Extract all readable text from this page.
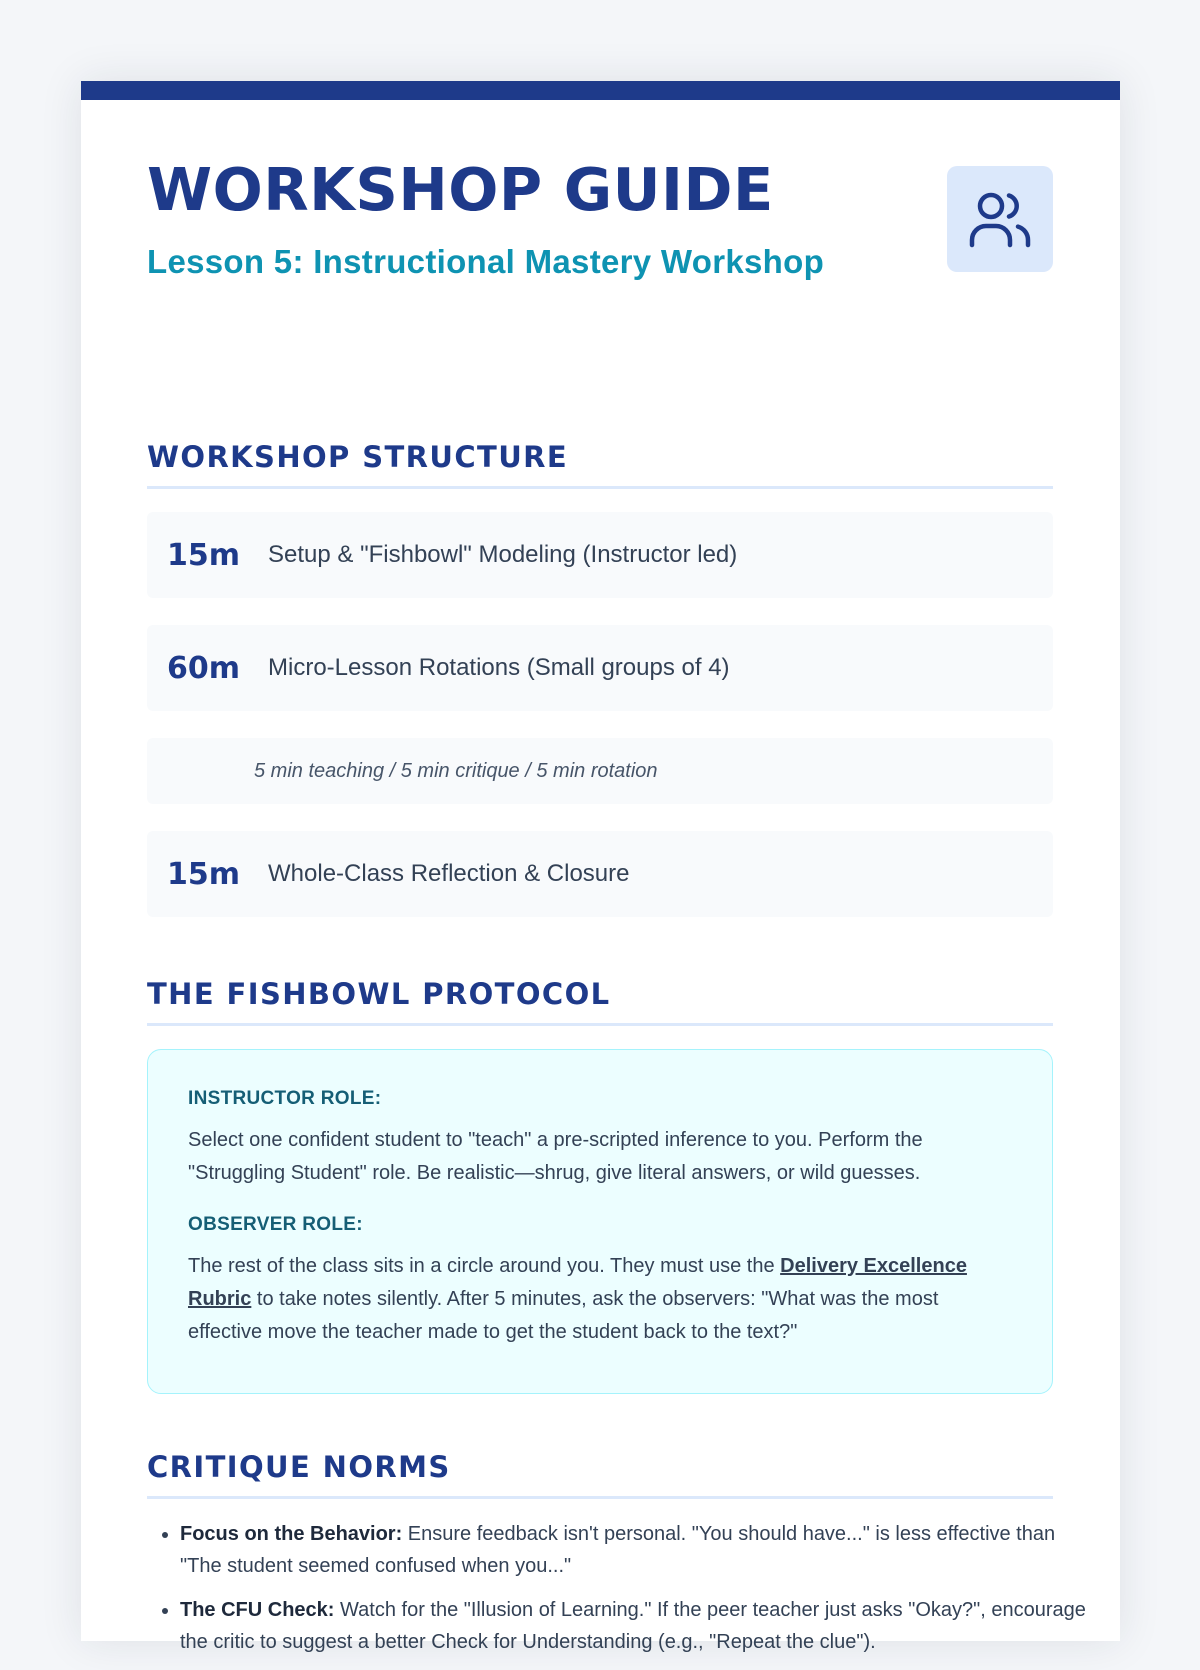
WORKSHOP GUIDE
Lesson 5: Instructional Mastery Workshop
WORKSHOP STRUCTURE
15m Setup & "Fishbowl" Modeling (Instructor led)
60m Micro-Lesson Rotations (Small groups of 4)
5 min teaching / 5 min critique / 5 min rotation
15m Whole-Class Reflection & Closure
THE FISHBOWL PROTOCOL
INSTRUCTOR ROLE:

Select one confident student to "teach" a pre-scripted inference to you. Perform the "Struggling Student" role. Be realistic—shrug, give literal answers, or wild guesses.

OBSERVER ROLE:

The rest of the class sits in a circle around you. They must use the Delivery Excellence Rubric to take notes silently. After 5 minutes, ask the observers: "What was the most effective move the teacher made to get the student back to the text?"

CRITIQUE NORMS
• Focus on the Behavior: Ensure feedback isn't personal. "You should have..." is less effective than "The student seemed confused when you..."
• The CFU Check: Watch for the "Illusion of Learning." If the peer teacher just asks "Okay?", encourage the critic to suggest a better Check for Understanding (e.g., "Repeat the clue").
